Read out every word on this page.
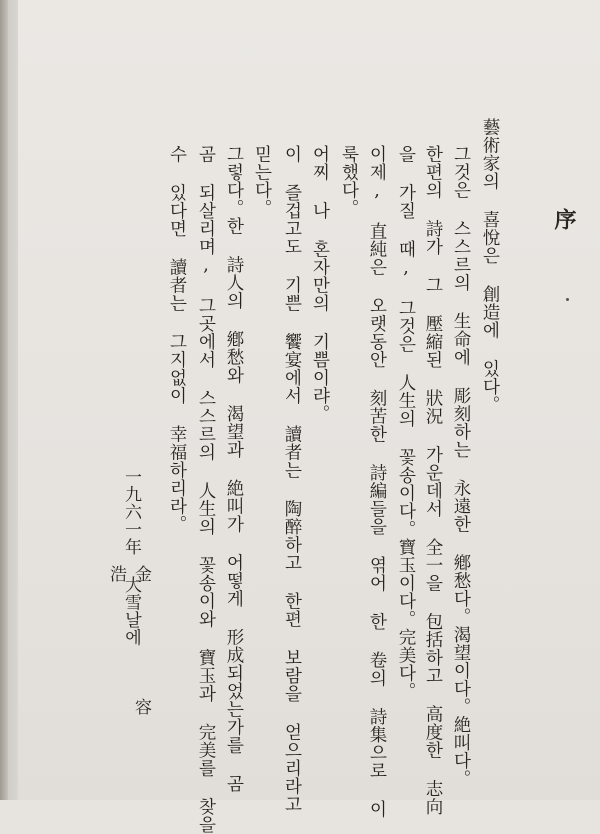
序
藝術家의 喜悅은 創造에 있다。
그것은 스스르의 生命에 彫刻하는 永遠한 鄕愁다。渴望이다。絶叫다。
한편의 詩가 그 壓縮된 狀況 가운데서 全一을 包括하고 高度한 志向
을 가질 때, 그것은 人生의 꽃송이다。寶玉이다。完美다。
이제, 直純은 오랫동안 刻苦한 詩編들을 엮어 한 卷의 詩集으로 이
룩했다。
어찌 나 혼자만의 기쁨이랴。
이 즐겁고도 기쁜 饗宴에서 讀者는 陶醉하고 한편 보람을 얻으리라고
믿는다。
그렇다。한 詩人의 鄕愁와 渴望과 絶叫가 어떻게 形成되었는가를 곰
곰 되살리며, 그곳에서 스스르의 人生의 꽃송이와 寶玉과 完美를 찾을
수 있다면 讀者는 그지없이 幸福하리라。
一九六一年 大雪날에
金 容 浩
